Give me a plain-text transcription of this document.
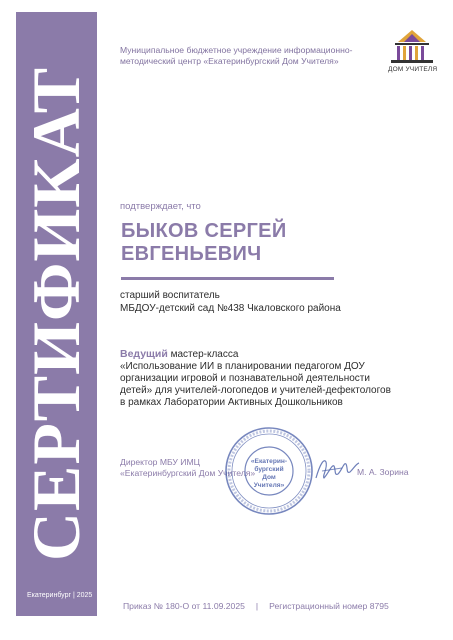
СЕРТИФИКАТ
Екатеринбург | 2025
Муниципальное бюджетное учреждение информационно-методический центр «Екатеринбургский Дом Учителя»
ДОМ УЧИТЕЛЯ
подтверждает, что
БЫКОВ СЕРГЕЙ
ЕВГЕНЬЕВИЧ
старший воспитатель
МБДОУ-детский сад №438 Чкаловского района
Ведущий мастер-класса
«Использование ИИ в планировании педагогом ДОУ
организации игровой и познавательной деятельности
детей» для учителей-логопедов и учителей-дефектологов
в рамках Лаборатории Активных Дошкольников
Директор МБУ ИМЦ
«Екатеринбургский Дом Учителя»
«Екатерин-
бургский
Дом
Учителя»
М. А. Зорина
Приказ № 180-О от 11.09.2025 | Регистрационный номер 8795
